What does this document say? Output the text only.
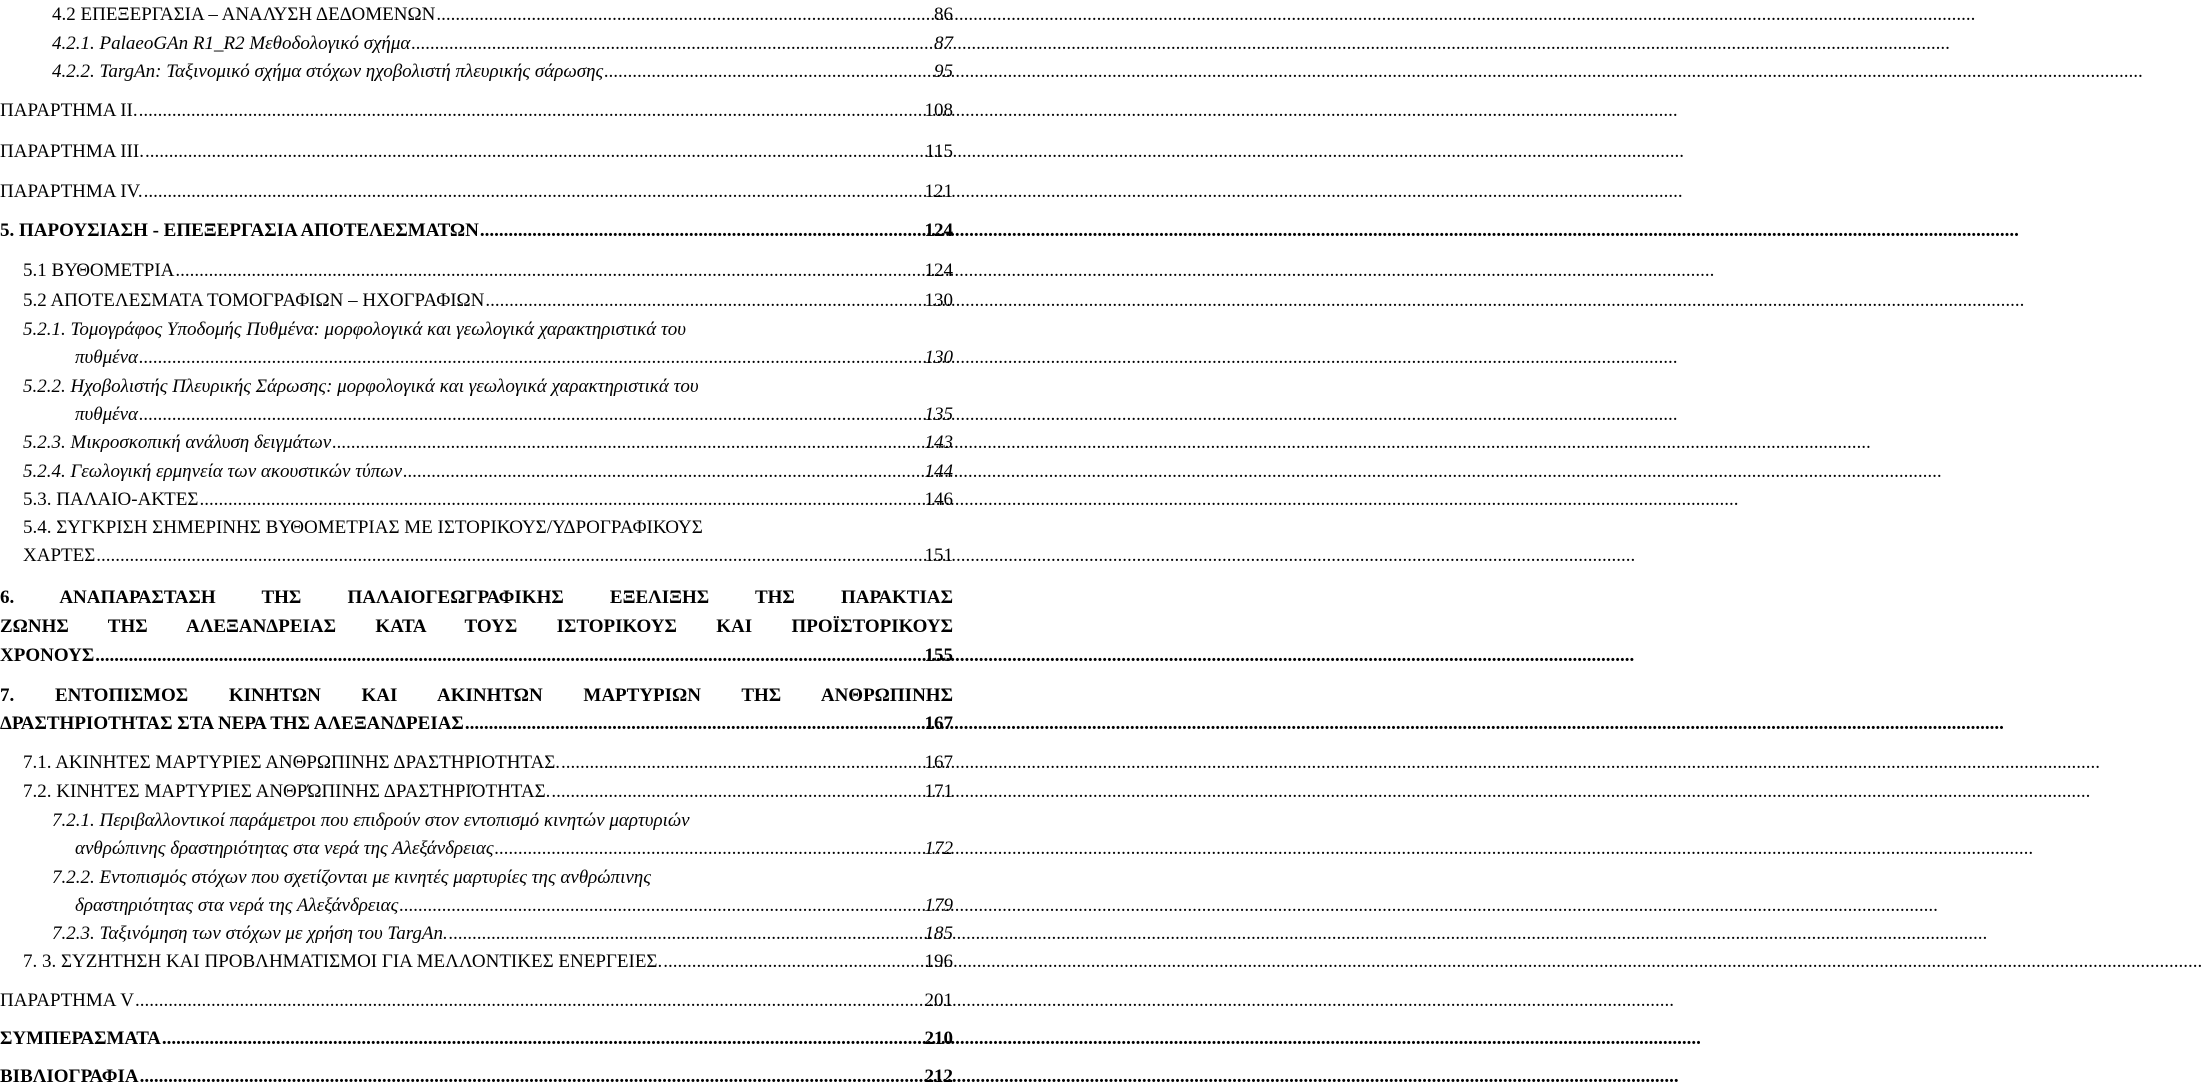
4.2 ΕΠΕΞΕΡΓΑΣΙΑ – ΑΝΑΛΥΣΗ ΔΕΔΟΜΕΝΩΝ .....	86
4.2.1. PalaeoGAn R1_R2 Μεθοδολογικό σχήμα .....	87
4.2.2. TargAn: Ταξινομικό σχήμα στόχων ηχοβολιστή πλευρικής σάρωσης .....	95
ΠΑΡΑΡΤΗΜΑ ΙΙ. .....	108
ΠΑΡΑΡΤΗΜΑ ΙΙΙ. .....	115
ΠΑΡΑΡΤΗΜΑ IV. .....	121
5. ΠΑΡΟΥΣΙΑΣΗ - ΕΠΕΞΕΡΓΑΣΙΑ ΑΠΟΤΕΛΕΣΜΑΤΩΝ .....	124
5.1 ΒΥΘΟΜΕΤΡΙΑ .....	124
5.2 ΑΠΟΤΕΛΕΣΜΑΤΑ ΤΟΜΟΓΡΑΦΙΩΝ – ΗΧΟΓΡΑΦΙΩΝ .....	130
5.2.1. Τομογράφος Υποδομής Πυθμένα: μορφολογικά και γεωλογικά χαρακτηριστικά του
πυθμένα .....	130
5.2.2. Ηχοβολιστής Πλευρικής Σάρωσης: μορφολογικά και γεωλογικά χαρακτηριστικά του
πυθμένα .....	135
5.2.3. Μικροσκοπική ανάλυση δειγμάτων .....	143
5.2.4. Γεωλογική ερμηνεία των ακουστικών τύπων .....	144
5.3. ΠΑΛΑΙΟ-ΑΚΤΕΣ .....	146
5.4. ΣΥΓΚΡΙΣΗ ΣΗΜΕΡΙΝΗΣ ΒΥΘΟΜΕΤΡΙΑΣ ΜΕ ΙΣΤΟΡΙΚΟΥΣ/ΥΔΡΟΓΡΑΦΙΚΟΥΣ
ΧΑΡΤΕΣ .....	151
6. ΑΝΑΠΑΡΑΣΤΑΣΗ ΤΗΣ ΠΑΛΑΙΟΓΕΩΓΡΑΦΙΚΗΣ ΕΞΕΛΙΞΗΣ ΤΗΣ ΠΑΡΑΚΤΙΑΣ
ΖΩΝΗΣ ΤΗΣ ΑΛΕΞΑΝΔΡΕΙΑΣ ΚΑΤΑ ΤΟΥΣ ΙΣΤΟΡΙΚΟΥΣ ΚΑΙ ΠΡΟΪΣΤΟΡΙΚΟΥΣ
ΧΡΟΝΟΥΣ .....	155
7. ΕΝΤΟΠΙΣΜΟΣ ΚΙΝΗΤΩΝ ΚΑΙ ΑΚΙΝΗΤΩΝ ΜΑΡΤΥΡΙΩΝ ΤΗΣ ΑΝΘΡΩΠΙΝΗΣ
ΔΡΑΣΤΗΡΙΟΤΗΤΑΣ ΣΤΑ ΝΕΡΑ ΤΗΣ ΑΛΕΞΑΝΔΡΕΙΑΣ .....	167
7.1. ΑΚΙΝΗΤΕΣ ΜΑΡΤΥΡΙΕΣ ΑΝΘΡΩΠΙΝΗΣ ΔΡΑΣΤΗΡΙΟΤΗΤΑΣ. .....	167
7.2. ΚΙΝΗΤΈΣ ΜΑΡΤΥΡΊΕΣ ΑΝΘΡΏΠΙΝΗΣ ΔΡΑΣΤΗΡΙΌΤΗΤΑΣ. .....	171
7.2.1. Περιβαλλοντικοί παράμετροι που επιδρούν στον εντοπισμό κινητών μαρτυριών
ανθρώπινης δραστηριότητας στα νερά της Αλεξάνδρειας .....	172
7.2.2. Εντοπισμός στόχων που σχετίζονται με κινητές μαρτυρίες της ανθρώπινης
δραστηριότητας στα νερά της Αλεξάνδρειας .....	179
7.2.3. Ταξινόμηση των στόχων με χρήση του TargAn. .....	185
7. 3. ΣΥΖΗΤΗΣΗ ΚΑΙ ΠΡΟΒΛΗΜΑΤΙΣΜΟΙ ΓΙΑ ΜΕΛΛΟΝΤΙΚΕΣ ΕΝΕΡΓΕΙΕΣ. .....	196
ΠΑΡΑΡΤΗΜΑ V .....	201
ΣΥΜΠΕΡΑΣΜΑΤΑ .....	210
ΒΙΒΛΙΟΓΡΑΦΙΑ .....	212
